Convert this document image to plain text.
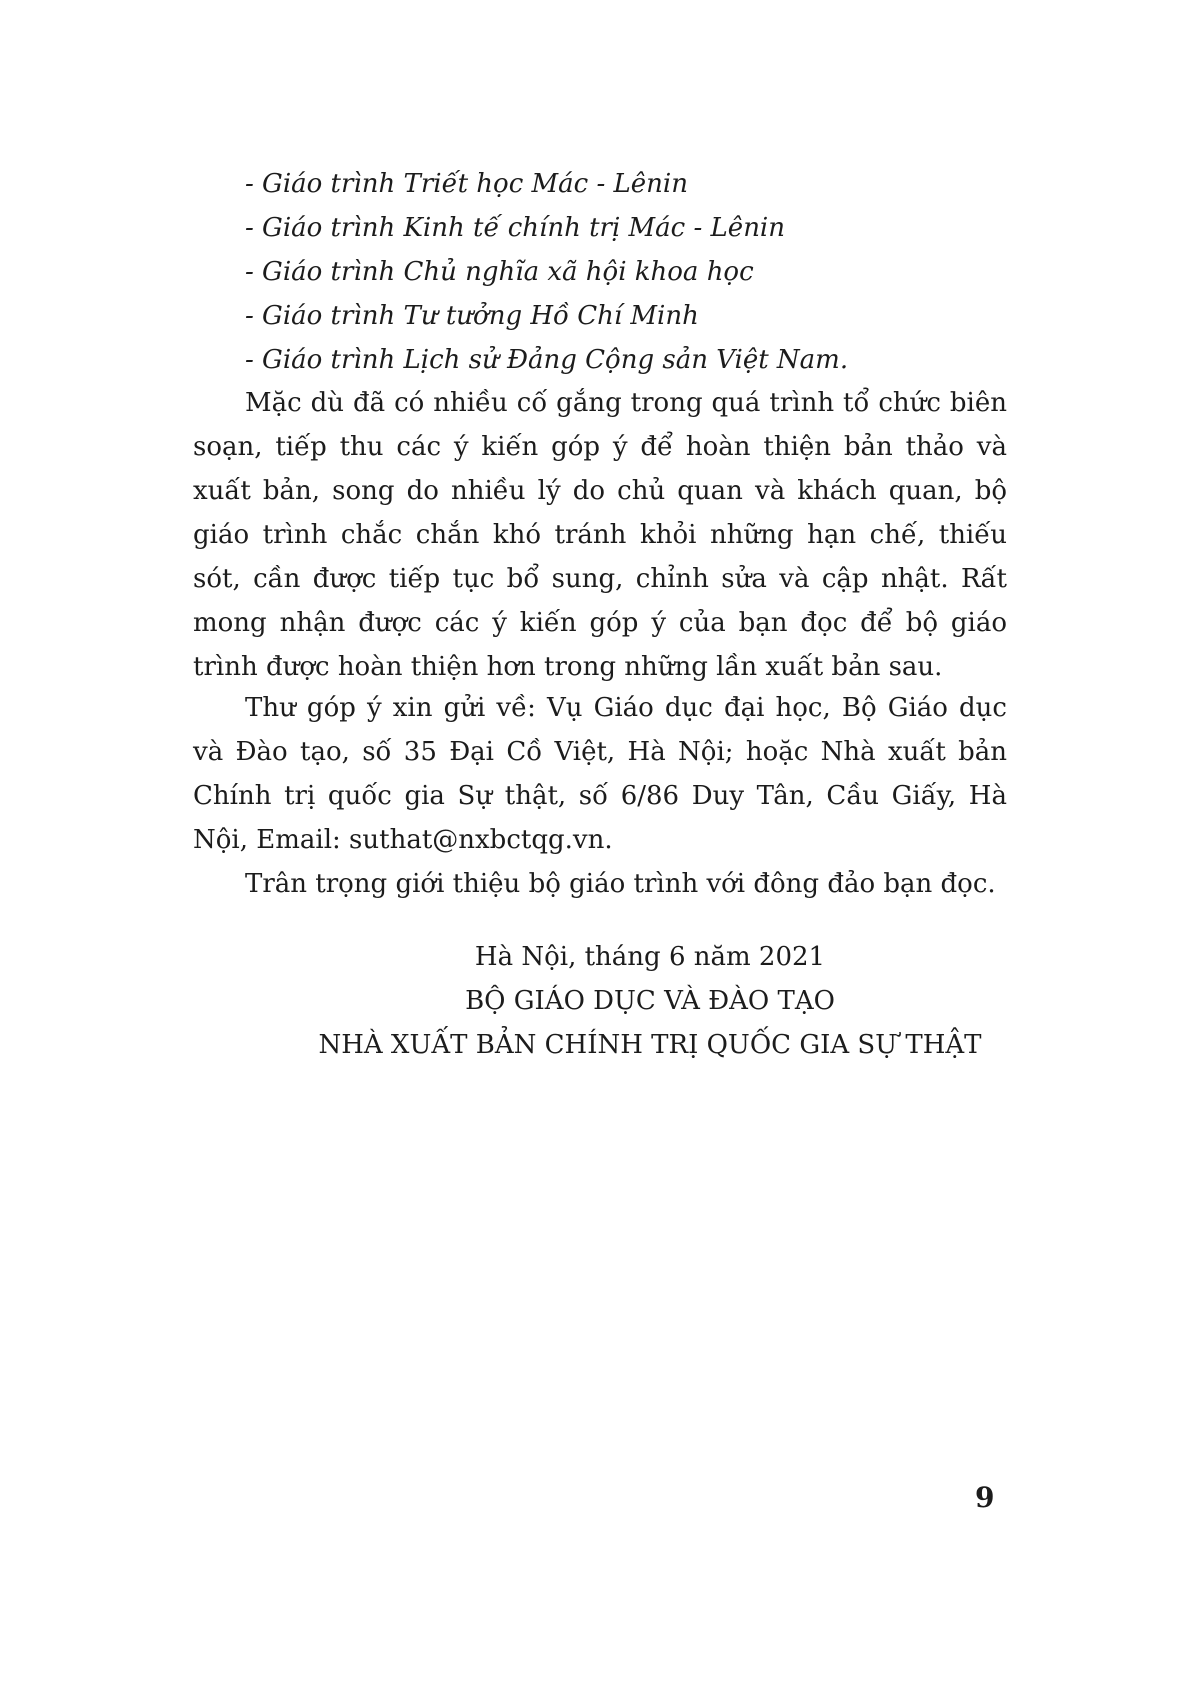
- Giáo trình Triết học Mác - Lênin
- Giáo trình Kinh tế chính trị Mác - Lênin
- Giáo trình Chủ nghĩa xã hội khoa học
- Giáo trình Tư tưởng Hồ Chí Minh
- Giáo trình Lịch sử Đảng Cộng sản Việt Nam.

Mặc dù đã có nhiều cố gắng trong quá trình tổ chức biên soạn, tiếp thu các ý kiến góp ý để hoàn thiện bản thảo và xuất bản, song do nhiều lý do chủ quan và khách quan, bộ giáo trình chắc chắn khó tránh khỏi những hạn chế, thiếu sót, cần được tiếp tục bổ sung, chỉnh sửa và cập nhật. Rất mong nhận được các ý kiến góp ý của bạn đọc để bộ giáo trình được hoàn thiện hơn trong những lần xuất bản sau.

Thư góp ý xin gửi về: Vụ Giáo dục đại học, Bộ Giáo dục và Đào tạo, số 35 Đại Cồ Việt, Hà Nội; hoặc Nhà xuất bản Chính trị quốc gia Sự thật, số 6/86 Duy Tân, Cầu Giấy, Hà Nội, Email: suthat@nxbctqg.vn.

Trân trọng giới thiệu bộ giáo trình với đông đảo bạn đọc.

Hà Nội, tháng 6 năm 2021
BỘ GIÁO DỤC VÀ ĐÀO TẠO
NHÀ XUẤT BẢN CHÍNH TRỊ QUỐC GIA SỰ THẬT
9
